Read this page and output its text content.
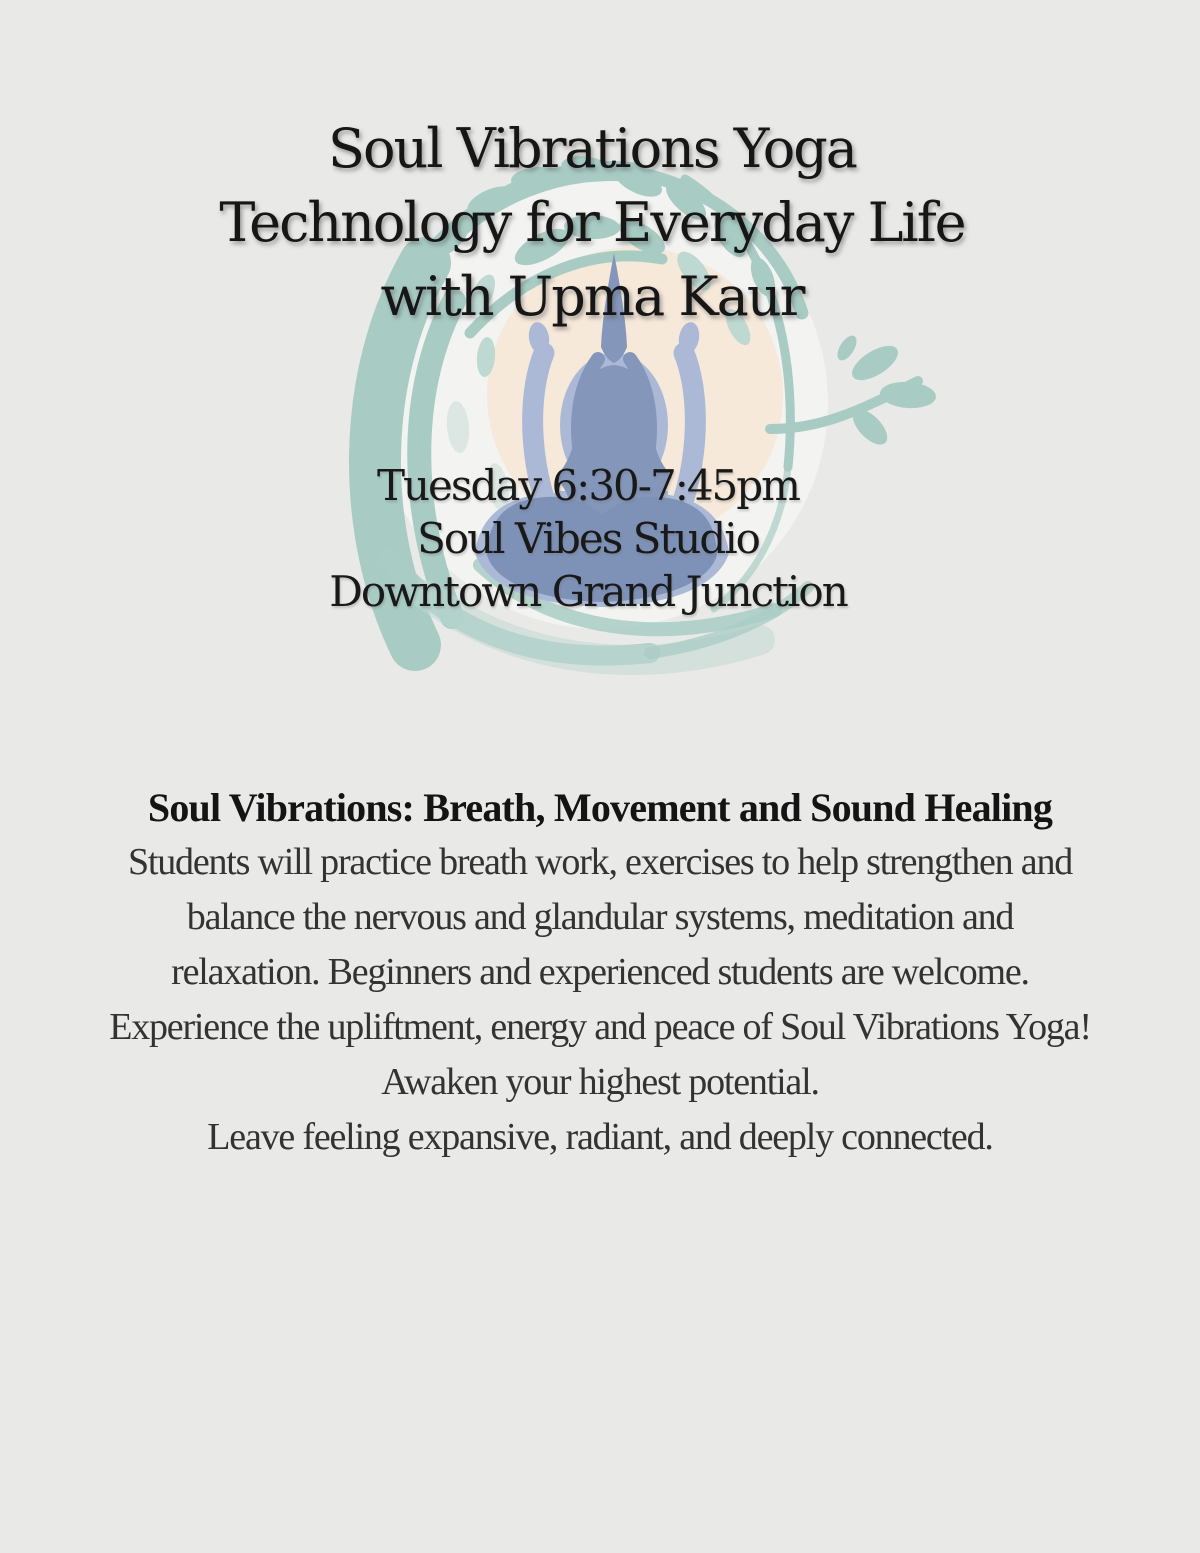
Soul Vibrations Yoga
Technology for Everyday Life
with Upma Kaur
Tuesday 6:30-7:45pm
Soul Vibes Studio
Downtown Grand Junction
Soul Vibrations: Breath, Movement and Sound Healing
Students will practice breath work, exercises to help strengthen and
balance the nervous and glandular systems, meditation and
relaxation. Beginners and experienced students are welcome.
Experience the upliftment, energy and peace of Soul Vibrations Yoga!
Awaken your highest potential.
Leave feeling expansive, radiant, and deeply connected.
